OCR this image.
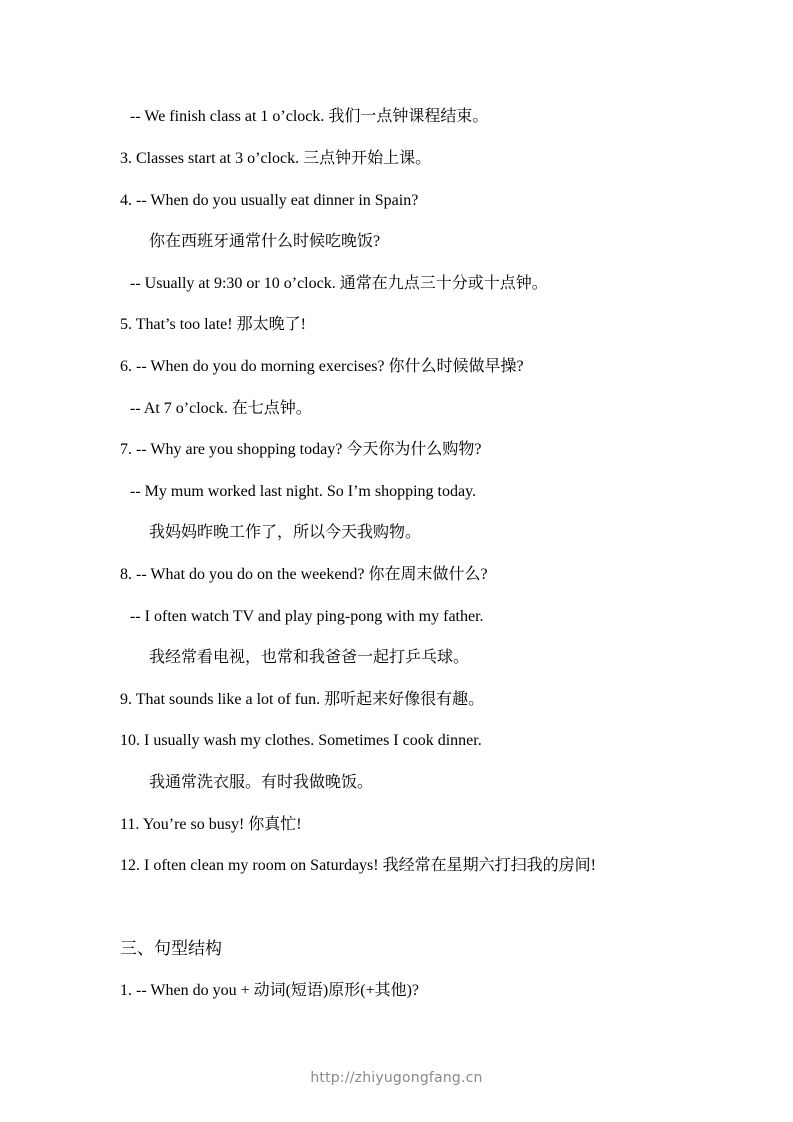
-- We finish class at 1 o’clock. 我们一点钟课程结束。
3. Classes start at 3 o’clock. 三点钟开始上课。
4. -- When do you usually eat dinner in Spain?
你在西班牙通常什么时候吃晚饭?
-- Usually at 9:30 or 10 o’clock. 通常在九点三十分或十点钟。
5. That’s too late! 那太晚了!
6. -- When do you do morning exercises? 你什么时候做早操?
-- At 7 o’clock. 在七点钟。
7. -- Why are you shopping today? 今天你为什么购物?
-- My mum worked last night. So I’m shopping today.
我妈妈昨晚工作了，所以今天我购物。
8. -- What do you do on the weekend? 你在周末做什么?
-- I often watch TV and play ping-pong with my father.
我经常看电视，也常和我爸爸一起打乒乓球。
9. That sounds like a lot of fun. 那听起来好像很有趣。
10. I usually wash my clothes. Sometimes I cook dinner.
我通常洗衣服。有时我做晚饭。
11. You’re so busy! 你真忙!
12. I often clean my room on Saturdays! 我经常在星期六打扫我的房间!
三、句型结构
1. -- When do you + 动词(短语)原形(+其他)?
http://zhiyugongfang.cn
